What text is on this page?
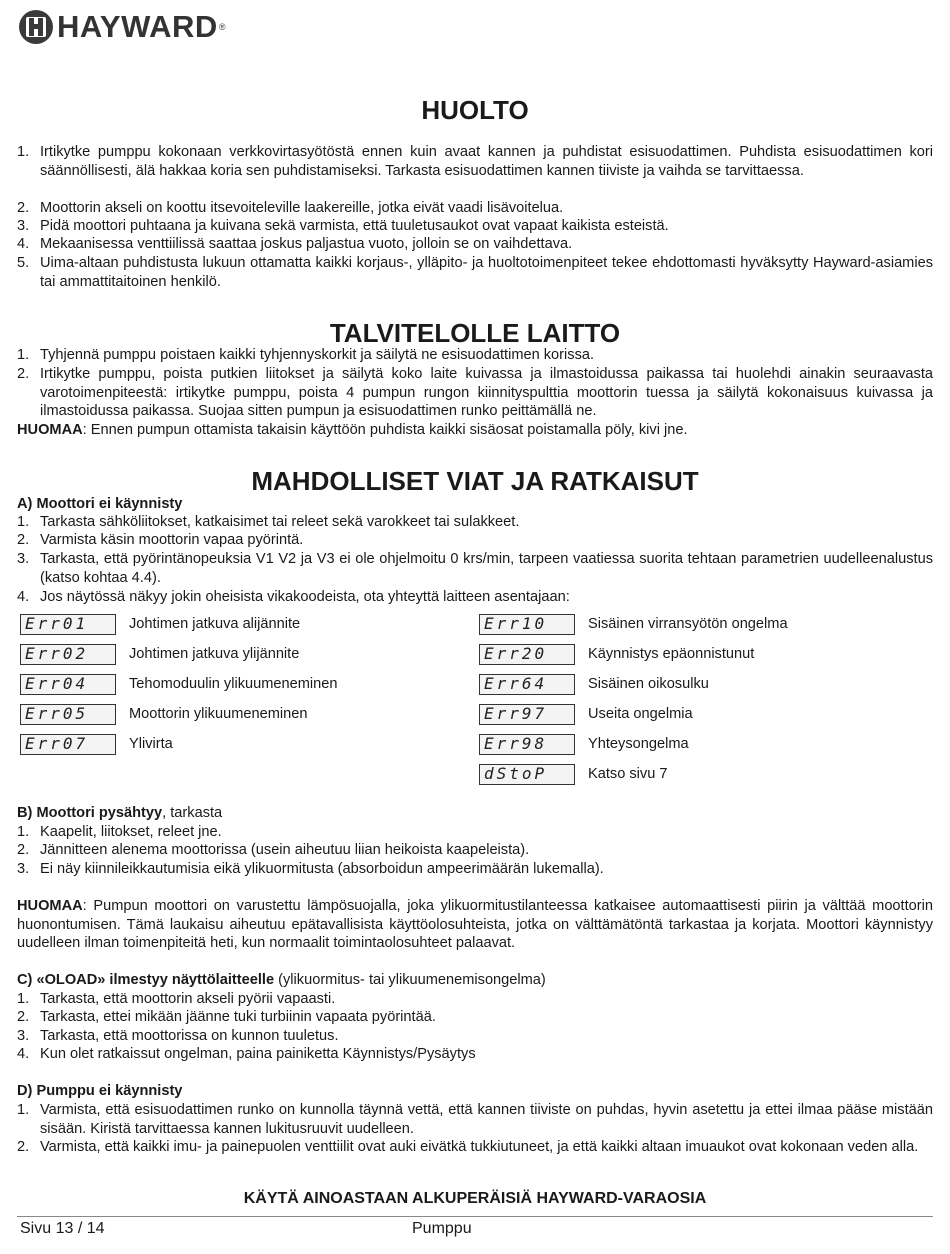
HAYWARD ®
HUOLTO
1. Irtikytke pumppu kokonaan verkkovirtasyötöstä ennen kuin avaat kannen ja puhdistat esisuodattimen. Puhdista esisuodattimen kori säännöllisesti, älä hakkaa koria sen puhdistamiseksi. Tarkasta esisuodattimen kannen tiiviste ja vaihda se tarvittaessa.
2. Moottorin akseli on koottu itsevoiteleville laakereille, jotka eivät vaadi lisävoitelua.
3. Pidä moottori puhtaana ja kuivana sekä varmista, että tuuletusaukot ovat vapaat kaikista esteistä.
4. Mekaanisessa venttiilissä saattaa joskus paljastua vuoto, jolloin se on vaihdettava.
5. Uima-altaan puhdistusta lukuun ottamatta kaikki korjaus-, ylläpito- ja huoltotoimenpiteet tekee ehdottomasti hyväksytty Hayward-asiamies tai ammattitaitoinen henkilö.
TALVITELOLLE LAITTO
1. Tyhjennä pumppu poistaen kaikki tyhjennyskorkit ja säilytä ne esisuodattimen korissa.
2. Irtikytke pumppu, poista putkien liitokset ja säilytä koko laite kuivassa ja ilmastoidussa paikassa tai huolehdi ainakin seuraavasta varotoimenpiteestä: irtikytke pumppu, poista 4 pumpun rungon kiinnityspulttia moottorin tuessa ja säilytä kokonaisuus kuivassa ja ilmastoidussa paikassa. Suojaa sitten pumpun ja esisuodattimen runko peittämällä ne.
HUOMAA: Ennen pumpun ottamista takaisin käyttöön puhdista kaikki sisäosat poistamalla pöly, kivi jne.
MAHDOLLISET VIAT JA RATKAISUT
A) Moottori ei käynnisty
1. Tarkasta sähköliitokset, katkaisimet tai releet sekä varokkeet tai sulakkeet.
2. Varmista käsin moottorin vapaa pyörintä.
3. Tarkasta, että pyörintänopeuksia V1 V2 ja V3 ei ole ohjelmoitu 0 krs/min, tarpeen vaatiessa suorita tehtaan parametrien uudelleenalustus (katso kohtaa 4.4).
4. Jos näytössä näkyy jokin oheisista vikakoodeista, ota yhteyttä laitteen asentajaan:
Err01	Johtimen jatkuva alijännite
Err02	Johtimen jatkuva ylijännite
Err04	Tehomoduulin ylikuumeneminen
Err05	Moottorin ylikuumeneminen
Err07	Ylivirta
Err10	Sisäinen virransyötön ongelma
Err20	Käynnistys epäonnistunut
Err64	Sisäinen oikosulku
Err97	Useita ongelmia
Err98	Yhteysongelma
dStoP	Katso sivu 7
B) Moottori pysähtyy, tarkasta
1. Kaapelit, liitokset, releet jne.
2. Jännitteen alenema moottorissa (usein aiheutuu liian heikoista kaapeleista).
3. Ei näy kiinnileikkautumisia eikä ylikuormitusta (absorboidun ampeerimäärän lukemalla).
HUOMAA: Pumpun moottori on varustettu lämpösuojalla, joka ylikuormitustilanteessa katkaisee automaattisesti piirin ja välttää moottorin huonontumisen. Tämä laukaisu aiheutuu epätavallisista käyttöolosuhteista, jotka on välttämätöntä tarkastaa ja korjata. Moottori käynnistyy uudelleen ilman toimenpiteitä heti, kun normaalit toimintaolosuhteet palaavat.
C) «OLOAD» ilmestyy näyttölaitteelle (ylikuormitus- tai ylikuumenemisongelma)
1. Tarkasta, että moottorin akseli pyörii vapaasti.
2. Tarkasta, ettei mikään jäänne tuki turbiinin vapaata pyörintää.
3. Tarkasta, että moottorissa on kunnon tuuletus.
4. Kun olet ratkaissut ongelman, paina painiketta Käynnistys/Pysäytys
D) Pumppu ei käynnisty
1. Varmista, että esisuodattimen runko on kunnolla täynnä vettä, että kannen tiiviste on puhdas, hyvin asetettu ja ettei ilmaa pääse mistään sisään. Kiristä tarvittaessa kannen lukitusruuvit uudelleen.
2. Varmista, että kaikki imu- ja painepuolen venttiilit ovat auki eivätkä tukkiutuneet, ja että kaikki altaan imuaukot ovat kokonaan veden alla.
KÄYTÄ AINOASTAAN ALKUPERÄISIÄ HAYWARD-VARAOSIA
Sivu 13 / 14	Pumppu
